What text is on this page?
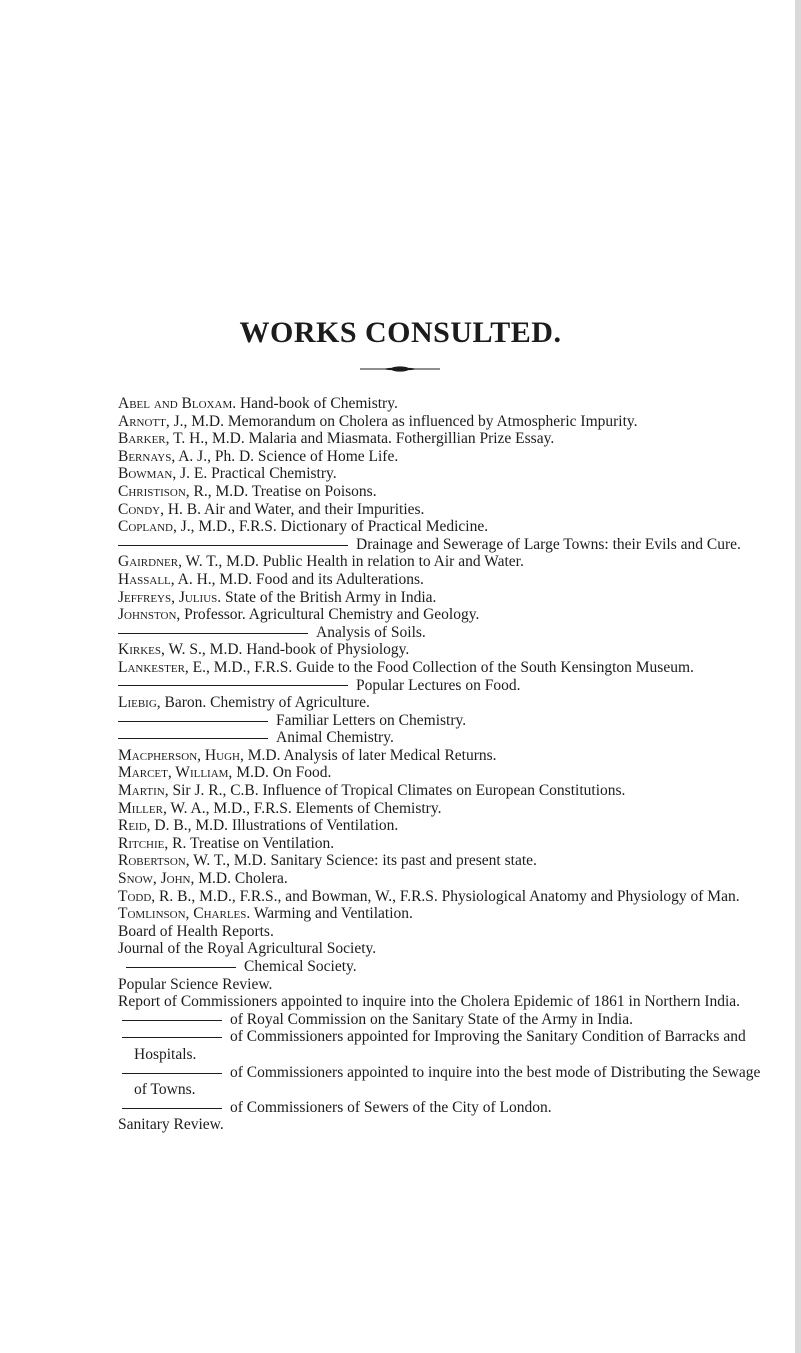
WORKS CONSULTED.
Abel and Bloxam. Hand-book of Chemistry.
Arnott, J., M.D. Memorandum on Cholera as influenced by Atmospheric Impurity.
Barker, T. H., M.D. Malaria and Miasmata. Fothergillian Prize Essay.
Bernays, A. J., Ph. D. Science of Home Life.
Bowman, J. E. Practical Chemistry.
Christison, R., M.D. Treatise on Poisons.
Condy, H. B. Air and Water, and their Impurities.
Copland, J., M.D., F.R.S. Dictionary of Practical Medicine.
Drainage and Sewerage of Large Towns: their Evils and Cure.
Gairdner, W. T., M.D. Public Health in relation to Air and Water.
Hassall, A. H., M.D. Food and its Adulterations.
Jeffreys, Julius. State of the British Army in India.
Johnston, Professor. Agricultural Chemistry and Geology.
Analysis of Soils.
Kirkes, W. S., M.D. Hand-book of Physiology.
Lankester, E., M.D., F.R.S. Guide to the Food Collection of the South Kensington Museum.
Popular Lectures on Food.
Liebig, Baron. Chemistry of Agriculture.
Familiar Letters on Chemistry.
Animal Chemistry.
Macpherson, Hugh, M.D. Analysis of later Medical Returns.
Marcet, William, M.D. On Food.
Martin, Sir J. R., C.B. Influence of Tropical Climates on European Constitutions.
Miller, W. A., M.D., F.R.S. Elements of Chemistry.
Reid, D. B., M.D. Illustrations of Ventilation.
Ritchie, R. Treatise on Ventilation.
Robertson, W. T., M.D. Sanitary Science: its past and present state.
Snow, John, M.D. Cholera.
Todd, R. B., M.D., F.R.S., and Bowman, W., F.R.S. Physiological Anatomy and Physiology of Man.
Tomlinson, Charles. Warming and Ventilation.
Board of Health Reports.
Journal of the Royal Agricultural Society.
Chemical Society.
Popular Science Review.
Report of Commissioners appointed to inquire into the Cholera Epidemic of 1861 in Northern India.
of Royal Commission on the Sanitary State of the Army in India.
of Commissioners appointed for Improving the Sanitary Condition of Barracks and Hospitals.
of Commissioners appointed to inquire into the best mode of Distributing the Sewage of Towns.
of Commissioners of Sewers of the City of London.
Sanitary Review.
